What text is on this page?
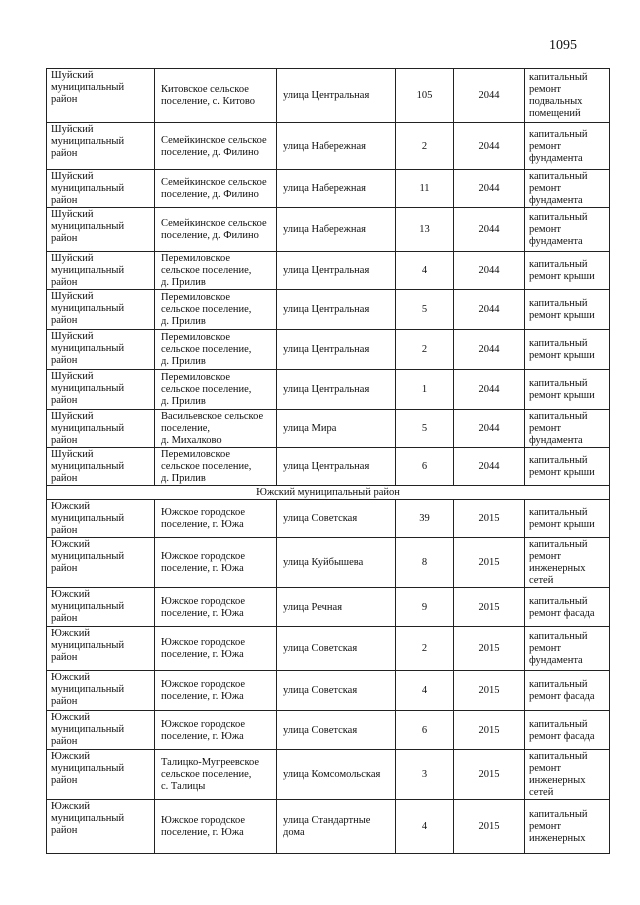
1095
Шуйский
муниципальный
район	Китовское сельское
поселение, с. Китово	улица Центральная	105	2044	капитальный
ремонт
подвальных
помещений

Шуйский
муниципальный
район	Семейкинское сельское
поселение, д. Филино	улица Набережная	2	2044	капитальный
ремонт
фундамента

Шуйский
муниципальный
район	Семейкинское сельское
поселение, д. Филино	улица Набережная	11	2044	капитальный
ремонт
фундамента

Шуйский
муниципальный
район	Семейкинское сельское
поселение, д. Филино	улица Набережная	13	2044	капитальный
ремонт
фундамента

Шуйский
муниципальный
район	Перемиловское
сельское поселение,
д. Прилив	улица Центральная	4	2044	капитальный
ремонт крыши

Шуйский
муниципальный
район	Перемиловское
сельское поселение,
д. Прилив	улица Центральная	5	2044	капитальный
ремонт крыши

Шуйский
муниципальный
район	Перемиловское
сельское поселение,
д. Прилив	улица Центральная	2	2044	капитальный
ремонт крыши

Шуйский
муниципальный
район	Перемиловское
сельское поселение,
д. Прилив	улица Центральная	1	2044	капитальный
ремонт крыши

Шуйский
муниципальный
район	Васильевское сельское
поселение,
д. Михалково	улица Мира	5	2044	капитальный
ремонт
фундамента

Шуйский
муниципальный
район	Перемиловское
сельское поселение,
д. Прилив	улица Центральная	6	2044	капитальный
ремонт крыши

Южский муниципальный район					

Южский
муниципальный
район	Южское городское
поселение, г. Южа	улица Советская	39	2015	капитальный
ремонт крыши

Южский
муниципальный
район	Южское городское
поселение, г. Южа	улица Куйбышева	8	2015	капитальный
ремонт
инженерных
сетей

Южский
муниципальный
район	Южское городское
поселение, г. Южа	улица Речная	9	2015	капитальный
ремонт фасада

Южский
муниципальный
район	Южское городское
поселение, г. Южа	улица Советская	2	2015	капитальный
ремонт
фундамента

Южский
муниципальный
район	Южское городское
поселение, г. Южа	улица Советская	4	2015	капитальный
ремонт фасада

Южский
муниципальный
район	Южское городское
поселение, г. Южа	улица Советская	6	2015	капитальный
ремонт фасада

Южский
муниципальный
район	Талицко-Мугреевское
сельское поселение,
с. Талицы	улица Комсомольская	3	2015	капитальный
ремонт
инженерных
сетей

Южский
муниципальный
район	Южское городское
поселение, г. Южа	улица Стандартные
дома	4	2015	капитальный
ремонт
инженерных
